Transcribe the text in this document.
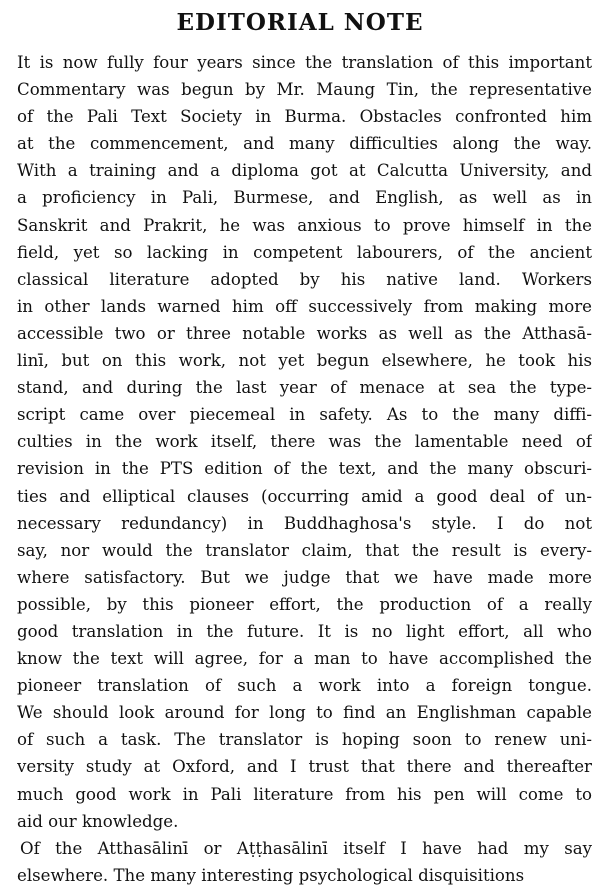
EDITORIAL NOTE
It is now fully four years since the translation of this important
Commentary was begun by Mr. Maung Tin, the representative
of the Pali Text Society in Burma. Obstacles confronted him
at the commencement, and many difficulties along the way.
With a training and a diploma got at Calcutta University, and
a proficiency in Pali, Burmese, and English, as well as in
Sanskrit and Prakrit, he was anxious to prove himself in the
field, yet so lacking in competent labourers, of the ancient
classical literature adopted by his native land. Workers
in other lands warned him off successively from making more
accessible two or three notable works as well as the Atthasā-
linī, but on this work, not yet begun elsewhere, he took his
stand, and during the last year of menace at sea the type-
script came over piecemeal in safety. As to the many diffi-
culties in the work itself, there was the lamentable need of
revision in the PTS edition of the text, and the many obscuri-
ties and elliptical clauses (occurring amid a good deal of un-
necessary redundancy) in Buddhaghosa's style. I do not
say, nor would the translator claim, that the result is every-
where satisfactory. But we judge that we have made more
possible, by this pioneer effort, the production of a really
good translation in the future. It is no light effort, all who
know the text will agree, for a man to have accomplished the
pioneer translation of such a work into a foreign tongue.
We should look around for long to find an Englishman capable
of such a task. The translator is hoping soon to renew uni-
versity study at Oxford, and I trust that there and thereafter
much good work in Pali literature from his pen will come to
aid our knowledge.
Of the Atthasālinī or Aṭṭhasālinī itself I have had my say
elsewhere. The many interesting psychological disquisitions
